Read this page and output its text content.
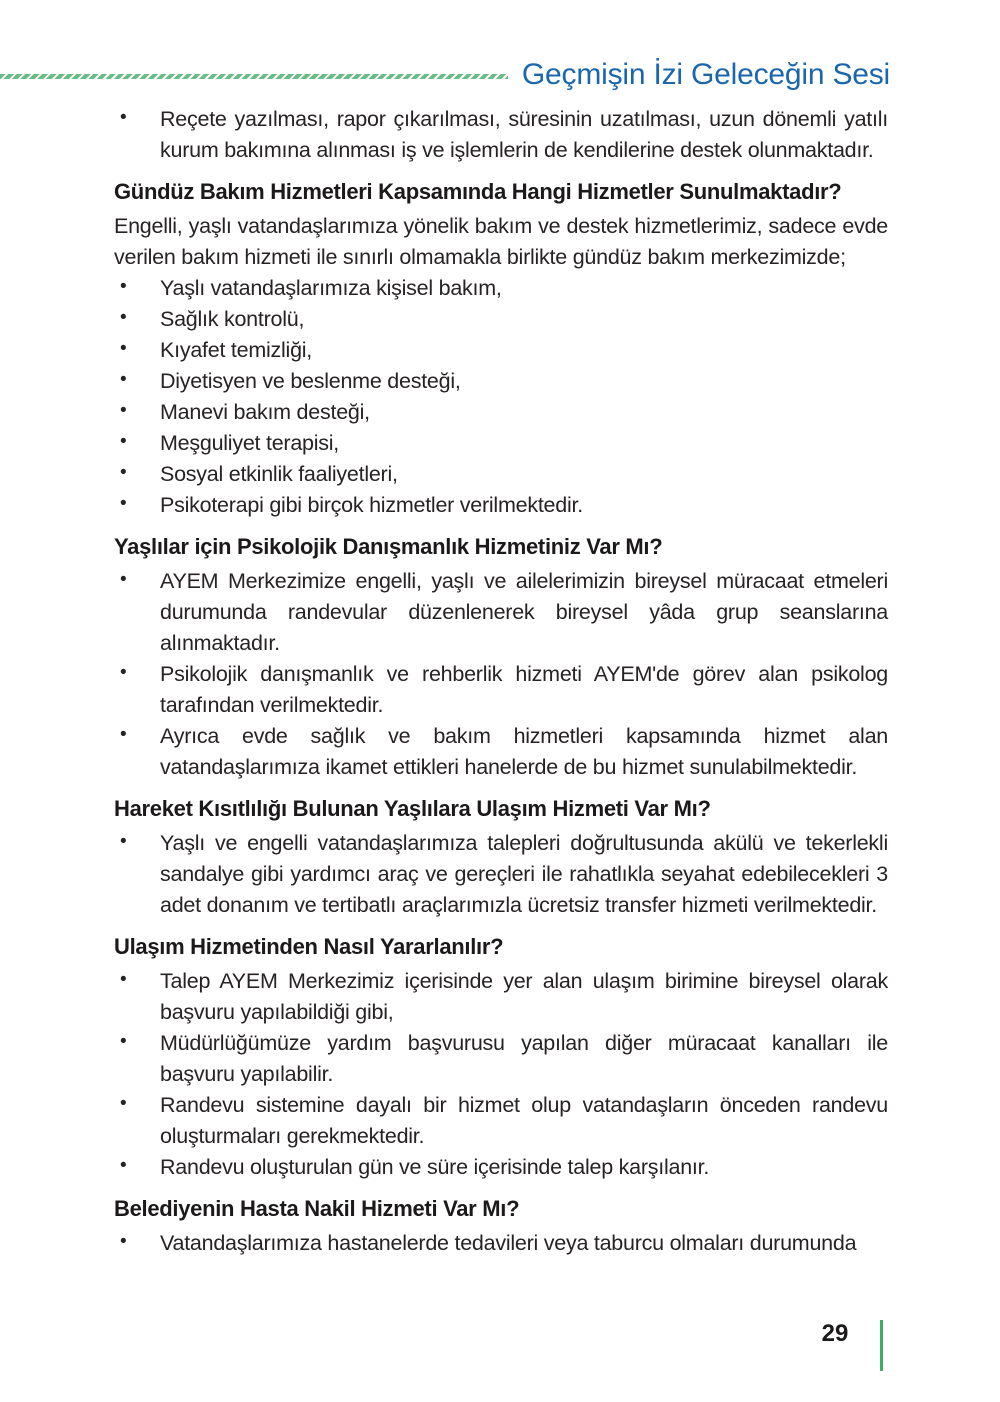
Geçmişin İzi Geleceğin Sesi
• Reçete yazılması, rapor çıkarılması, süresinin uzatılması, uzun dönemli yatılı kurum bakımına alınması iş ve işlemlerin de kendilerine destek olunmaktadır.
Gündüz Bakım Hizmetleri Kapsamında Hangi Hizmetler Sunulmaktadır?

Engelli, yaşlı vatandaşlarımıza yönelik bakım ve destek hizmetlerimiz, sadece evde verilen bakım hizmeti ile sınırlı olmamakla birlikte gündüz bakım merkezimizde;

• Yaşlı vatandaşlarımıza kişisel bakım,
• Sağlık kontrolü,
• Kıyafet temizliği,
• Diyetisyen ve beslenme desteği,
• Manevi bakım desteği,
• Meşguliyet terapisi,
• Sosyal etkinlik faaliyetleri,
• Psikoterapi gibi birçok hizmetler verilmektedir.
Yaşlılar için Psikolojik Danışmanlık Hizmetiniz Var Mı?
• AYEM Merkezimize engelli, yaşlı ve ailelerimizin bireysel müracaat etmeleri durumunda randevular düzenlenerek bireysel yâda grup seanslarına alınmaktadır.
• Psikolojik danışmanlık ve rehberlik hizmeti AYEM'de görev alan psikolog tarafından verilmektedir.
• Ayrıca evde sağlık ve bakım hizmetleri kapsamında hizmet alan vatandaşlarımıza ikamet ettikleri hanelerde de bu hizmet sunulabilmektedir.
Hareket Kısıtlılığı Bulunan Yaşlılara Ulaşım Hizmeti Var Mı?
• Yaşlı ve engelli vatandaşlarımıza talepleri doğrultusunda akülü ve tekerlekli sandalye gibi yardımcı araç ve gereçleri ile rahatlıkla seyahat edebilecekleri 3 adet donanım ve tertibatlı araçlarımızla ücretsiz transfer hizmeti verilmektedir.
Ulaşım Hizmetinden Nasıl Yararlanılır?
• Talep AYEM Merkezimiz içerisinde yer alan ulaşım birimine bireysel olarak başvuru yapılabildiği gibi,
• Müdürlüğümüze yardım başvurusu yapılan diğer müracaat kanalları ile başvuru yapılabilir.
• Randevu sistemine dayalı bir hizmet olup vatandaşların önceden randevu oluşturmaları gerekmektedir.
• Randevu oluşturulan gün ve süre içerisinde talep karşılanır.
Belediyenin Hasta Nakil Hizmeti Var Mı?
• Vatandaşlarımıza hastanelerde tedavileri veya taburcu olmaları durumunda
29
